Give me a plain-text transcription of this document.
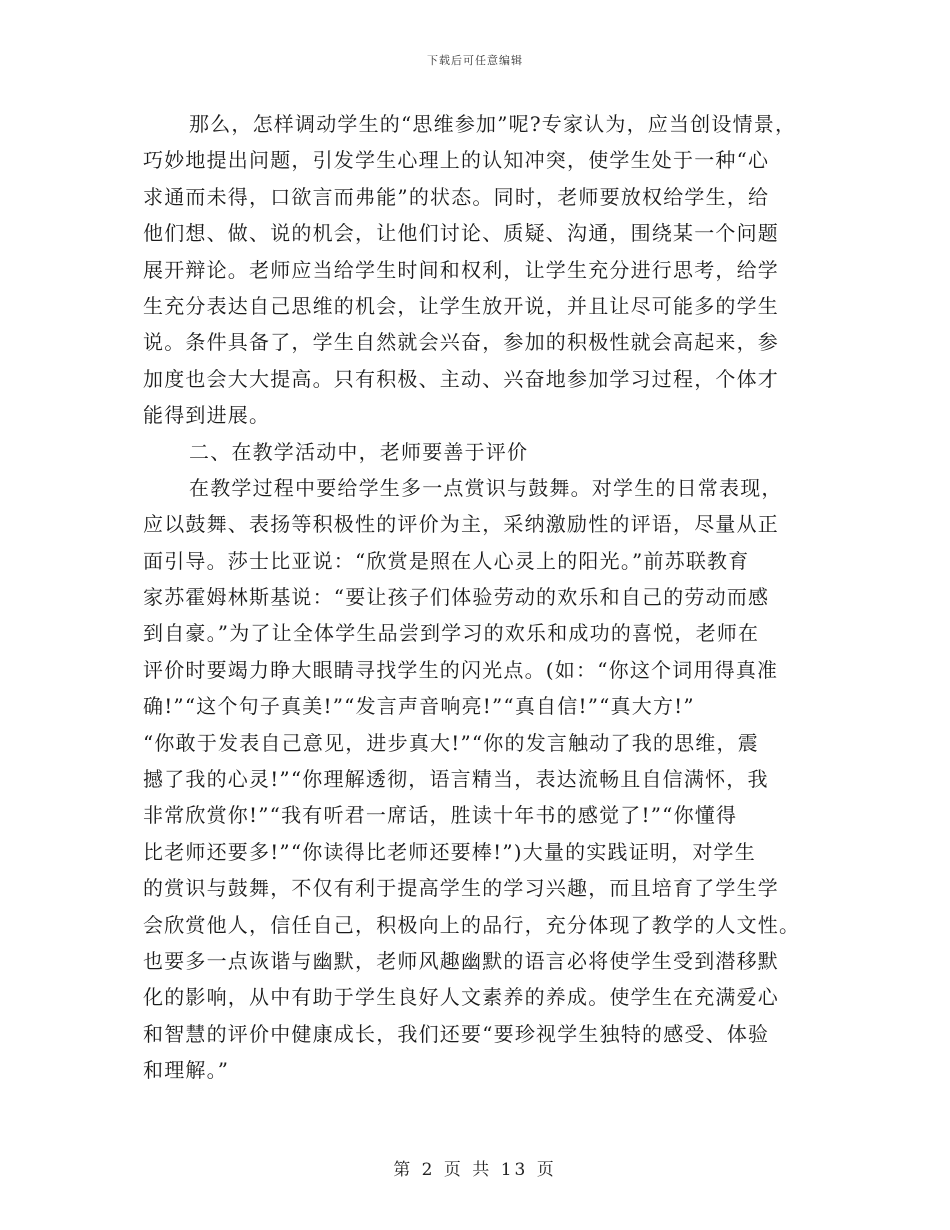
下载后可任意编辑
那么，怎样调动学生的“思维参加”呢?专家认为，应当创设情景，
巧妙地提出问题，引发学生心理上的认知冲突，使学生处于一种“心
求通而未得，口欲言而弗能”的状态。同时，老师要放权给学生，给
他们想、做、说的机会，让他们讨论、质疑、沟通，围绕某一个问题
展开辩论。老师应当给学生时间和权利，让学生充分进行思考，给学
生充分表达自己思维的机会，让学生放开说，并且让尽可能多的学生
说。条件具备了，学生自然就会兴奋，参加的积极性就会高起来，参
加度也会大大提高。只有积极、主动、兴奋地参加学习过程，个体才
能得到进展。
二、在教学活动中，老师要善于评价
在教学过程中要给学生多一点赏识与鼓舞。对学生的日常表现，
应以鼓舞、表扬等积极性的评价为主，采纳激励性的评语，尽量从正
面引导。莎士比亚说：“欣赏是照在人心灵上的阳光。”前苏联教育
家苏霍姆林斯基说：“要让孩子们体验劳动的欢乐和自己的劳动而感
到自豪。”为了让全体学生品尝到学习的欢乐和成功的喜悦，老师在
评价时要竭力睁大眼睛寻找学生的闪光点。(如：“你这个词用得真准
确!”“这个句子真美!”“发言声音响亮!”“真自信!”“真大方!”
“你敢于发表自己意见，进步真大!”“你的发言触动了我的思维，震
撼了我的心灵!”“你理解透彻，语言精当，表达流畅且自信满怀，我
非常欣赏你!”“我有听君一席话，胜读十年书的感觉了!”“你懂得
比老师还要多!”“你读得比老师还要棒!”)大量的实践证明，对学生
的赏识与鼓舞，不仅有利于提高学生的学习兴趣，而且培育了学生学
会欣赏他人，信任自己，积极向上的品行，充分体现了教学的人文性。
也要多一点诙谐与幽默，老师风趣幽默的语言必将使学生受到潜移默
化的影响，从中有助于学生良好人文素养的养成。使学生在充满爱心
和智慧的评价中健康成长，我们还要“要珍视学生独特的感受、体验
和理解。”
第 2 页 共 13 页
